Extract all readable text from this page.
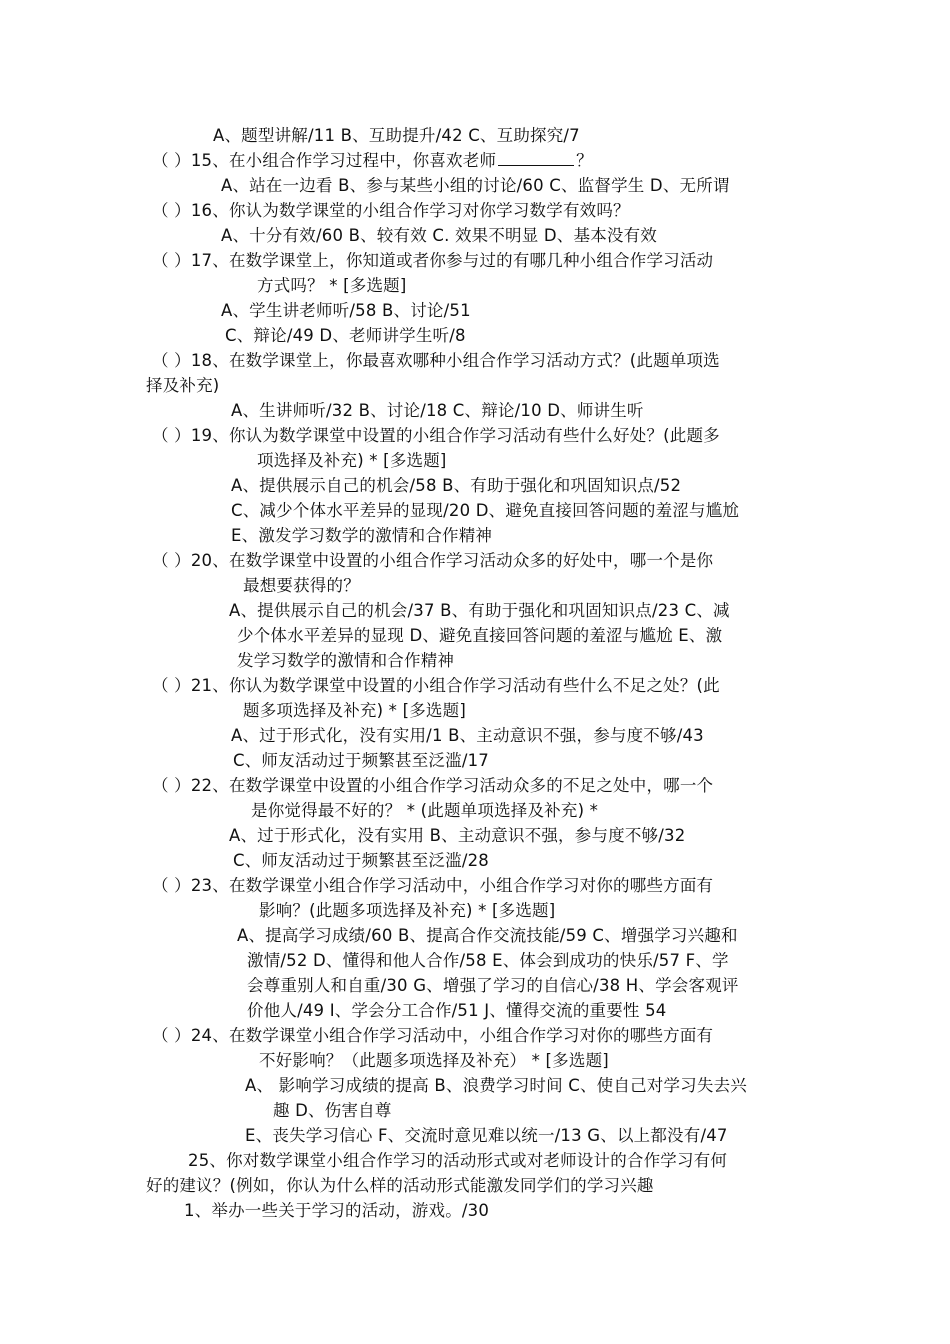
A、题型讲解/11 B、互助提升/42 C、互助探究/7
（ ）15、在小组合作学习过程中，你喜欢老师	？
A、站在一边看 B、参与某些小组的讨论/60 C、监督学生 D、无所谓
（ ）16、你认为数学课堂的小组合作学习对你学习数学有效吗？
A、十分有效/60 B、较有效 C. 效果不明显 D、基本没有效
（ ）17、在数学课堂上，你知道或者你参与过的有哪几种小组合作学习活动
方式吗？ * [多选题]
A、学生讲老师听/58 B、讨论/51
C、辩论/49 D、老师讲学生听/8
（ ）18、在数学课堂上，你最喜欢哪种小组合作学习活动方式？(此题单项选
择及补充)
A、生讲师听/32 B、讨论/18 C、辩论/10 D、师讲生听
（ ）19、你认为数学课堂中设置的小组合作学习活动有些什么好处？(此题多
项选择及补充) * [多选题]
A、提供展示自己的机会/58 B、有助于强化和巩固知识点/52
C、减少个体水平差异的显现/20 D、避免直接回答问题的羞涩与尴尬
E、激发学习数学的激情和合作精神
（ ）20、在数学课堂中设置的小组合作学习活动众多的好处中，哪一个是你
最想要获得的？
A、提供展示自己的机会/37 B、有助于强化和巩固知识点/23 C、减
少个体水平差异的显现 D、避免直接回答问题的羞涩与尴尬 E、激
发学习数学的激情和合作精神
（ ）21、你认为数学课堂中设置的小组合作学习活动有些什么不足之处？(此
题多项选择及补充) * [多选题]
A、过于形式化，没有实用/1 B、主动意识不强，参与度不够/43
C、师友活动过于频繁甚至泛滥/17
（ ）22、在数学课堂中设置的小组合作学习活动众多的不足之处中，哪一个
是你觉得最不好的？ * (此题单项选择及补充) *
A、过于形式化，没有实用 B、主动意识不强，参与度不够/32
C、师友活动过于频繁甚至泛滥/28
（ ）23、在数学课堂小组合作学习活动中，小组合作学习对你的哪些方面有
影响？(此题多项选择及补充) * [多选题]
A、提高学习成绩/60 B、提高合作交流技能/59 C、增强学习兴趣和
激情/52 D、懂得和他人合作/58 E、体会到成功的快乐/57 F、学
会尊重别人和自重/30 G、增强了学习的自信心/38 H、学会客观评
价他人/49 I、学会分工合作/51 J、懂得交流的重要性 54
（ ）24、在数学课堂小组合作学习活动中，小组合作学习对你的哪些方面有
不好影响？（此题多项选择及补充） * [多选题]
A、 影响学习成绩的提高 B、浪费学习时间 C、使自己对学习失去兴
趣 D、伤害自尊
E、丧失学习信心 F、交流时意见难以统一/13 G、以上都没有/47
25、你对数学课堂小组合作学习的活动形式或对老师设计的合作学习有何
好的建议？(例如，你认为什么样的活动形式能激发同学们的学习兴趣
1、举办一些关于学习的活动，游戏。/30
